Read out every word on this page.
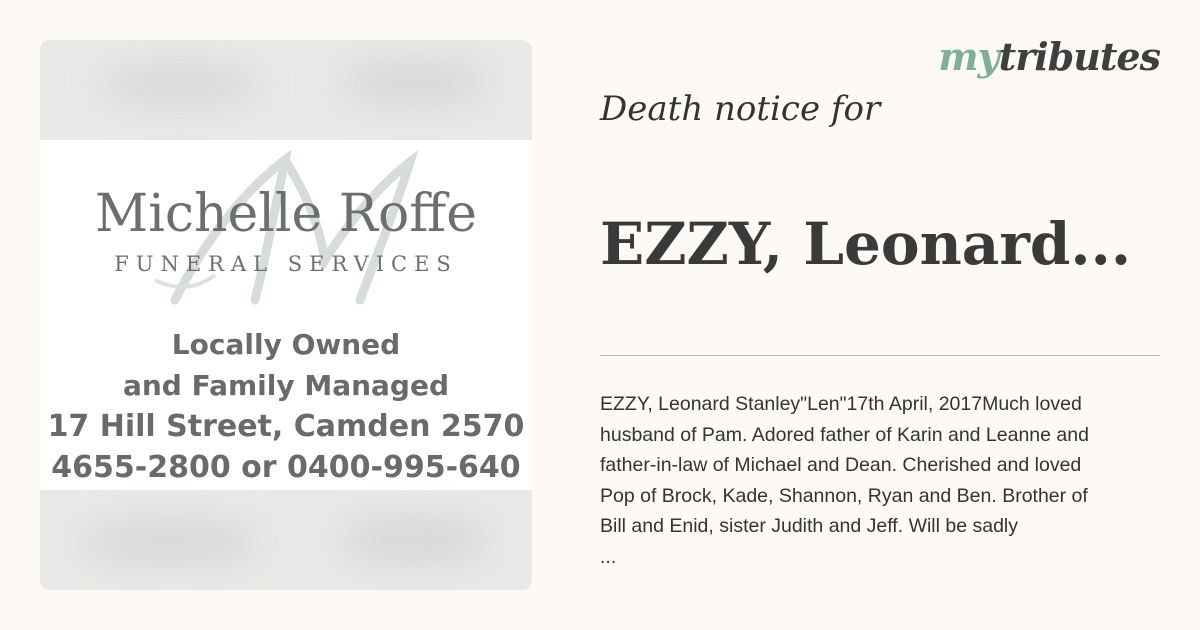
Michelle Roffe
FUNERAL SERVICES
Locally Owned
and Family Managed
17 Hill Street, Camden 2570
4655-2800 or 0400-995-640
mytributes
Death notice for
EZZY, Leonard...
EZZY, Leonard Stanley"Len"17th April, 2017Much loved
husband of Pam. Adored father of Karin and Leanne and
father-in-law of Michael and Dean. Cherished and loved
Pop of Brock, Kade, Shannon, Ryan and Ben. Brother of
Bill and Enid, sister Judith and Jeff. Will be sadly
...
